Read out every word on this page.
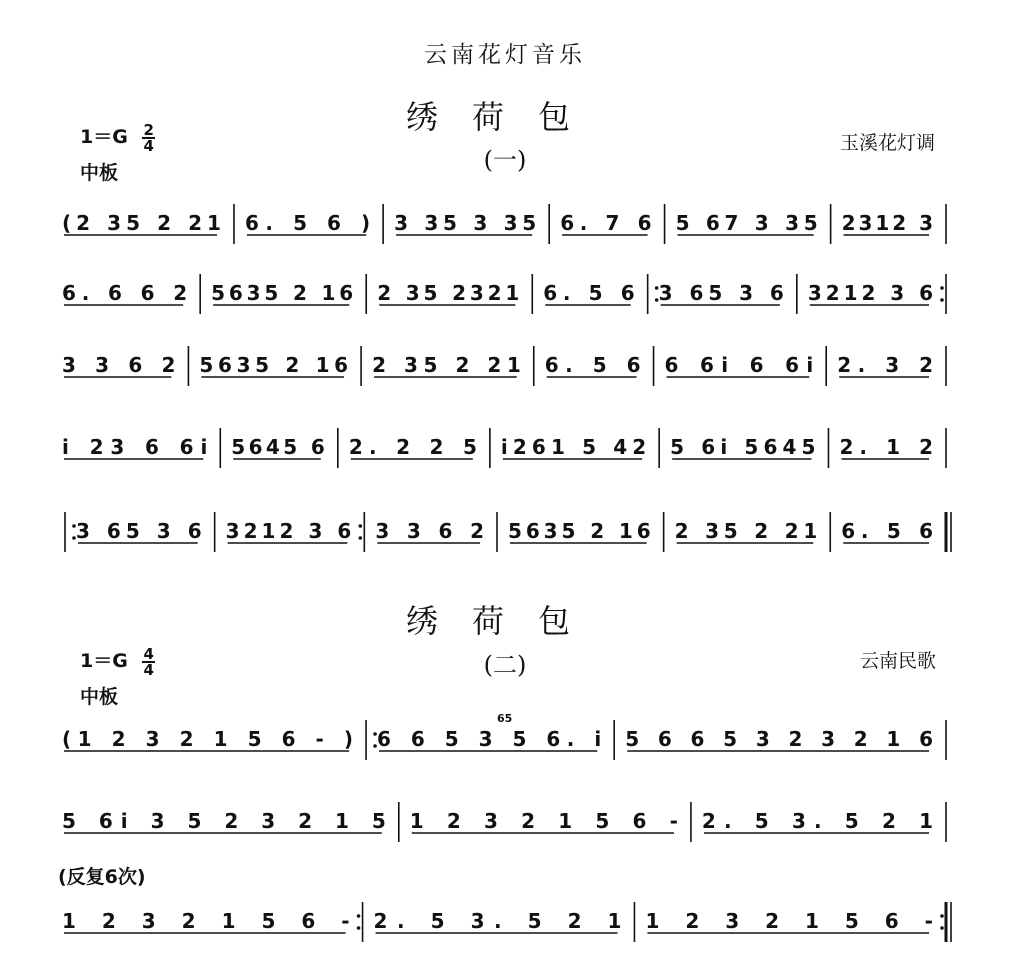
云南花灯音乐
绣荷包
(一)
$1=G \frac{2}{4}$
中板
玉溪花灯调
(2 35 2 21 6. 5 6 ) 3 35 3 35 6. 7 6 5 67 3 35 2312 3
6. 6 6 2 5635 2 16 2 35 2321 6. 5 6 3 65 3 6 3212 3 6
3 3 6 2 5635 2 16 2 35 2 21 6. 5 6 6 6i 6 6i 2. 3 2
i 23 6 6i 5645 6 2. 2 2 5 i261 5 42 5 6i 5645 2. 1 2
3 65 3 6 3212 3 6 3 3 6 2 5635 2 16 2 35 2 21 6. 5 6
绣荷包
(二)
$1=G \frac{4}{4}$
中板
云南民歌
(1 2 3 2 1 5 6 - ) 6 6 5 3 5 6. i 5 6 6 5 3 2 3 2 1 6
65
5 6i 3 5 2 3 2 1 5 1 2 3 2 1 5 6 - 2. 5 3. 5 2 1
(反复6次)
1 2 3 2 1 5 6 - 2. 5 3. 5 2 1 1 2 3 2 1 5 6 -
